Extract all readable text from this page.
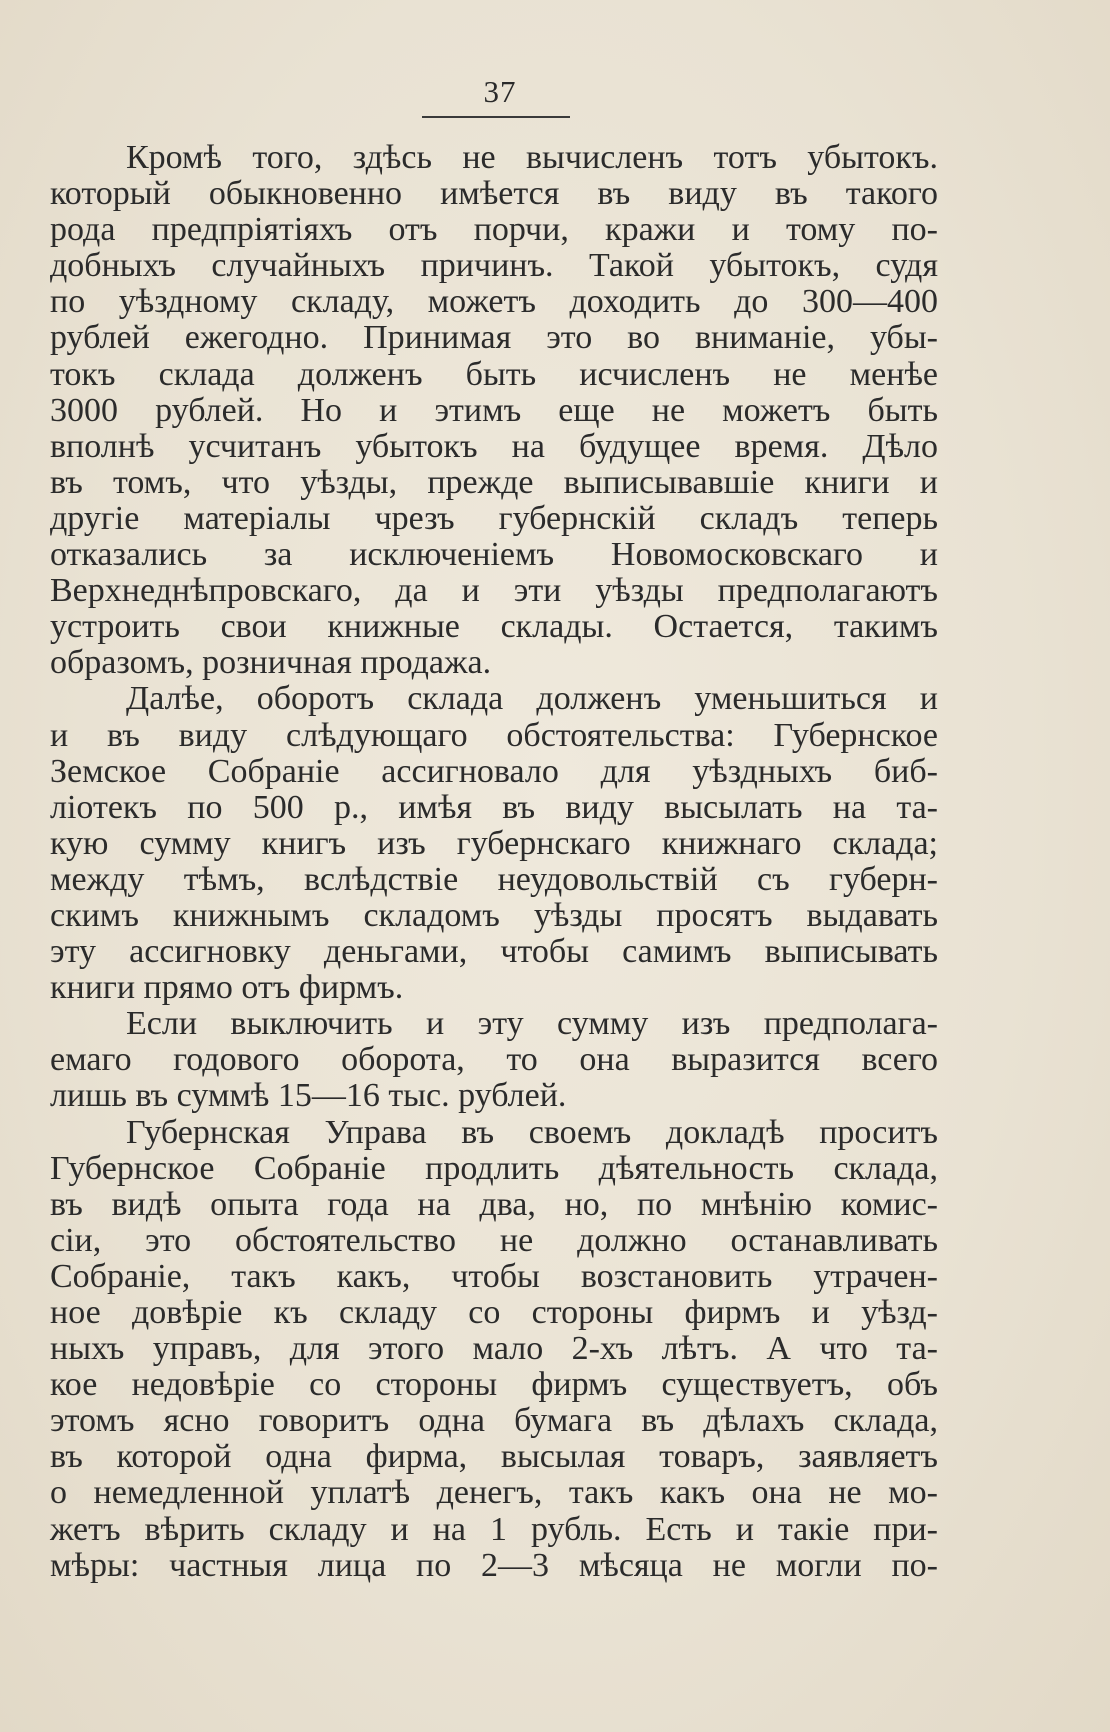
37
Кромѣ того, здѣсь не вычисленъ тотъ убытокъ.
который обыкновенно имѣется въ виду въ такого
рода предпріятіяхъ отъ порчи, кражи и тому по-
добныхъ случайныхъ причинъ. Такой убытокъ, судя
по уѣздному складу, можетъ доходить до 300—400
рублей ежегодно. Принимая это во вниманіе, убы-
токъ склада долженъ быть исчисленъ не менѣе
3000 рублей. Но и этимъ еще не можетъ быть
вполнѣ усчитанъ убытокъ на будущее время. Дѣло
въ томъ, что уѣзды, прежде выписывавшіе книги и
другіе матеріалы чрезъ губернскій складъ теперь
отказались за исключеніемъ Новомосковскаго и
Верхнеднѣпровскаго, да и эти уѣзды предполагаютъ
устроить свои книжные склады. Остается, такимъ
образомъ, розничная продажа.
Далѣе, оборотъ склада долженъ уменьшиться и
и въ виду слѣдующаго обстоятельства: Губернское
Земское Собраніе ассигновало для уѣздныхъ биб-
ліотекъ по 500 р., имѣя въ виду высылать на та-
кую сумму книгъ изъ губернскаго книжнаго склада;
между тѣмъ, вслѣдствіе неудовольствій съ губерн-
скимъ книжнымъ складомъ уѣзды просятъ выдавать
эту ассигновку деньгами, чтобы самимъ выписывать
книги прямо отъ фирмъ.
Если выключить и эту сумму изъ предполага-
емаго годового оборота, то она выразится всего
лишь въ суммѣ 15—16 тыс. рублей.
Губернская Управа въ своемъ докладѣ проситъ
Губернское Собраніе продлить дѣятельность склада,
въ видѣ опыта года на два, но, по мнѣнію комис-
сіи, это обстоятельство не должно останавливать
Собраніе, такъ какъ, чтобы возстановить утрачен-
ное довѣріе къ складу со стороны фирмъ и уѣзд-
ныхъ управъ, для этого мало 2-хъ лѣтъ. А что та-
кое недовѣріе со стороны фирмъ существуетъ, объ
этомъ ясно говоритъ одна бумага въ дѣлахъ склада,
въ которой одна фирма, высылая товаръ, заявляетъ
о немедленной уплатѣ денегъ, такъ какъ она не мо-
жетъ вѣрить складу и на 1 рубль. Есть и такіе при-
мѣры: частныя лица по 2—3 мѣсяца не могли по-
